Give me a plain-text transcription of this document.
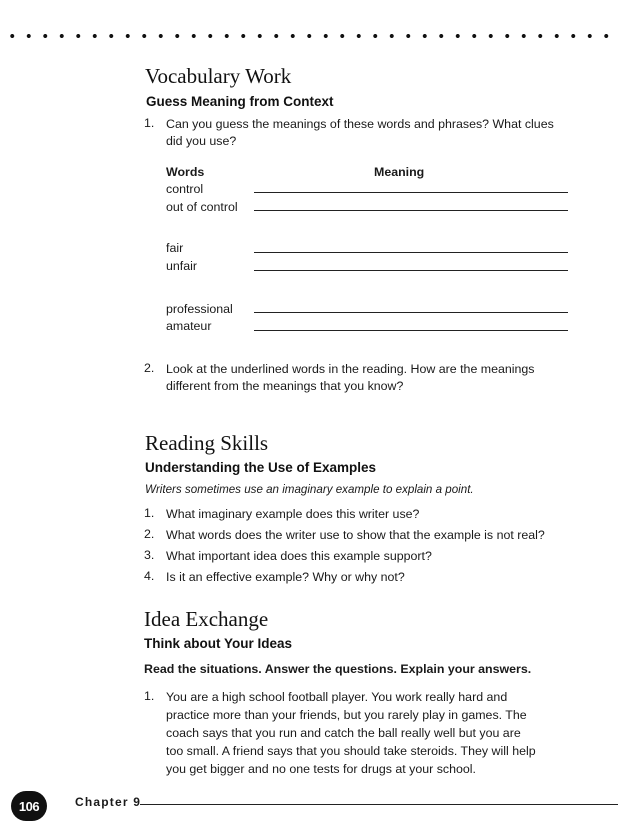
Vocabulary Work
Guess Meaning from Context
1. Can you guess the meanings of these words and phrases? What clues
did you use?
Words	Meaning
control
out of control
fair
unfair
professional
amateur
2. Look at the underlined words in the reading. How are the meanings
different from the meanings that you know?
Reading Skills
Understanding the Use of Examples
Writers sometimes use an imaginary example to explain a point.
1. What imaginary example does this writer use?
2. What words does the writer use to show that the example is not real?
3. What important idea does this example support?
4. Is it an effective example? Why or why not?
Idea Exchange
Think about Your Ideas
Read the situations. Answer the questions. Explain your answers.
1. You are a high school football player. You work really hard and
practice more than your friends, but you rarely play in games. The
coach says that you run and catch the ball really well but you are
too small. A friend says that you should take steroids. They will help
you get bigger and no one tests for drugs at your school.
106	Chapter 9
